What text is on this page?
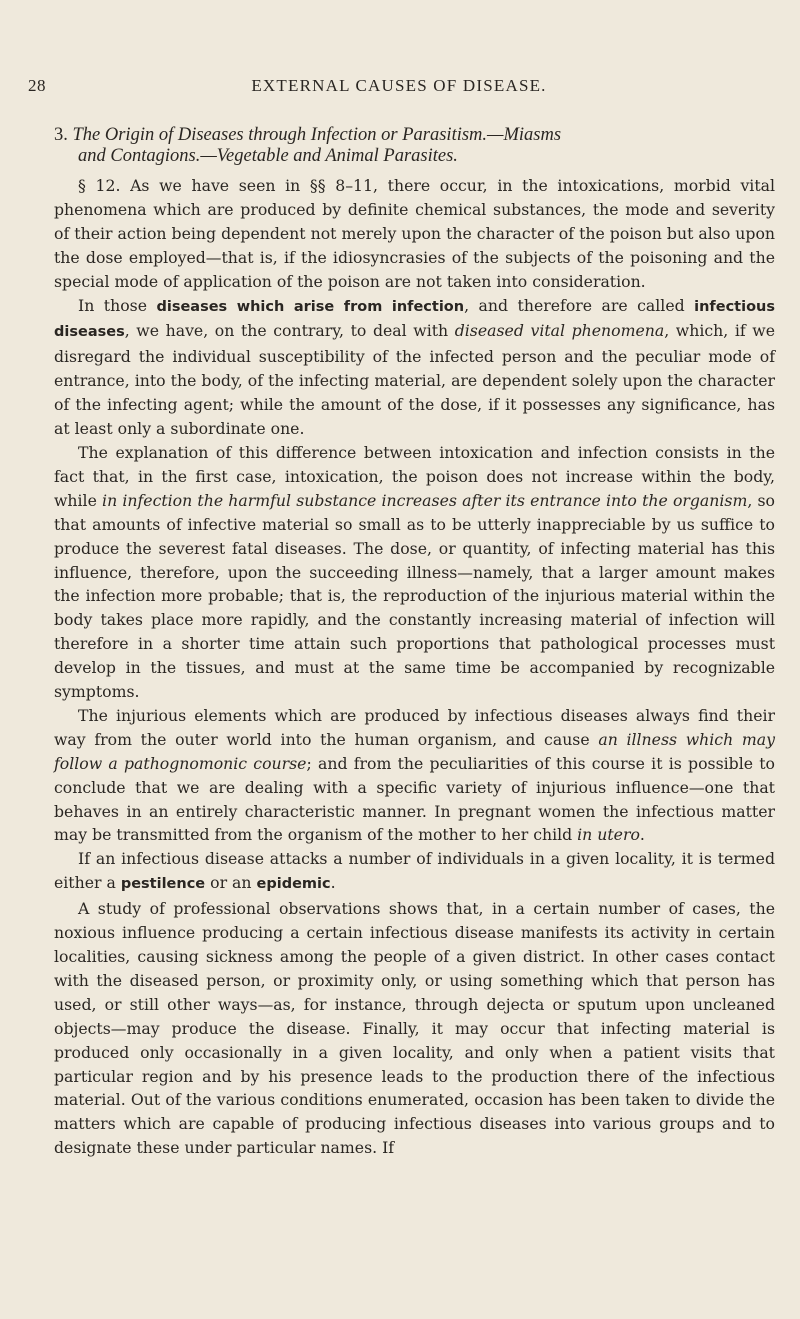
28	EXTERNAL CAUSES OF DISEASE.
3. The Origin of Diseases through Infection or Parasitism.—Miasms
and Contagions.—Vegetable and Animal Parasites.

§ 12. As we have seen in §§ 8–11, there occur, in the intoxications, morbid vital phenomena which are produced by definite chemical substances, the mode and severity of their action being dependent not merely upon the character of the poison but also upon the dose employed—that is, if the idiosyncrasies of the subjects of the poisoning and the special mode of application of the poison are not taken into consideration.

In those diseases which arise from infection, and therefore are called infectious diseases, we have, on the contrary, to deal with diseased vital phenomena, which, if we disregard the individual susceptibility of the infected person and the peculiar mode of entrance, into the body, of the infecting material, are dependent solely upon the character of the infecting agent; while the amount of the dose, if it possesses any significance, has at least only a subordinate one.

The explanation of this difference between intoxication and infection consists in the fact that, in the first case, intoxication, the poison does not increase within the body, while in infection the harmful substance increases after its entrance into the organism, so that amounts of infective material so small as to be utterly inappreciable by us suffice to produce the severest fatal diseases. The dose, or quantity, of infecting material has this influence, therefore, upon the succeeding illness—namely, that a larger amount makes the infection more probable; that is, the reproduction of the injurious material within the body takes place more rapidly, and the constantly increasing material of infection will therefore in a shorter time attain such proportions that pathological processes must develop in the tissues, and must at the same time be accompanied by recognizable symptoms.

The injurious elements which are produced by infectious diseases always find their way from the outer world into the human organism, and cause an illness which may follow a pathognomonic course; and from the peculiarities of this course it is possible to conclude that we are dealing with a specific variety of injurious influence—one that behaves in an entirely characteristic manner. In pregnant women the infectious matter may be transmitted from the organism of the mother to her child in utero.

If an infectious disease attacks a number of individuals in a given locality, it is termed either a pestilence or an epidemic.

A study of professional observations shows that, in a certain number of cases, the noxious influence producing a certain infectious disease manifests its activity in certain localities, causing sickness among the people of a given district. In other cases contact with the diseased person, or proximity only, or using something which that person has used, or still other ways—as, for instance, through dejecta or sputum upon uncleaned objects—may produce the disease. Finally, it may occur that infecting material is produced only occasionally in a given locality, and only when a patient visits that particular region and by his presence leads to the production there of the infectious material. Out of the various conditions enumerated, occasion has been taken to divide the matters which are capable of producing infectious diseases into various groups and to designate these under particular names. If
